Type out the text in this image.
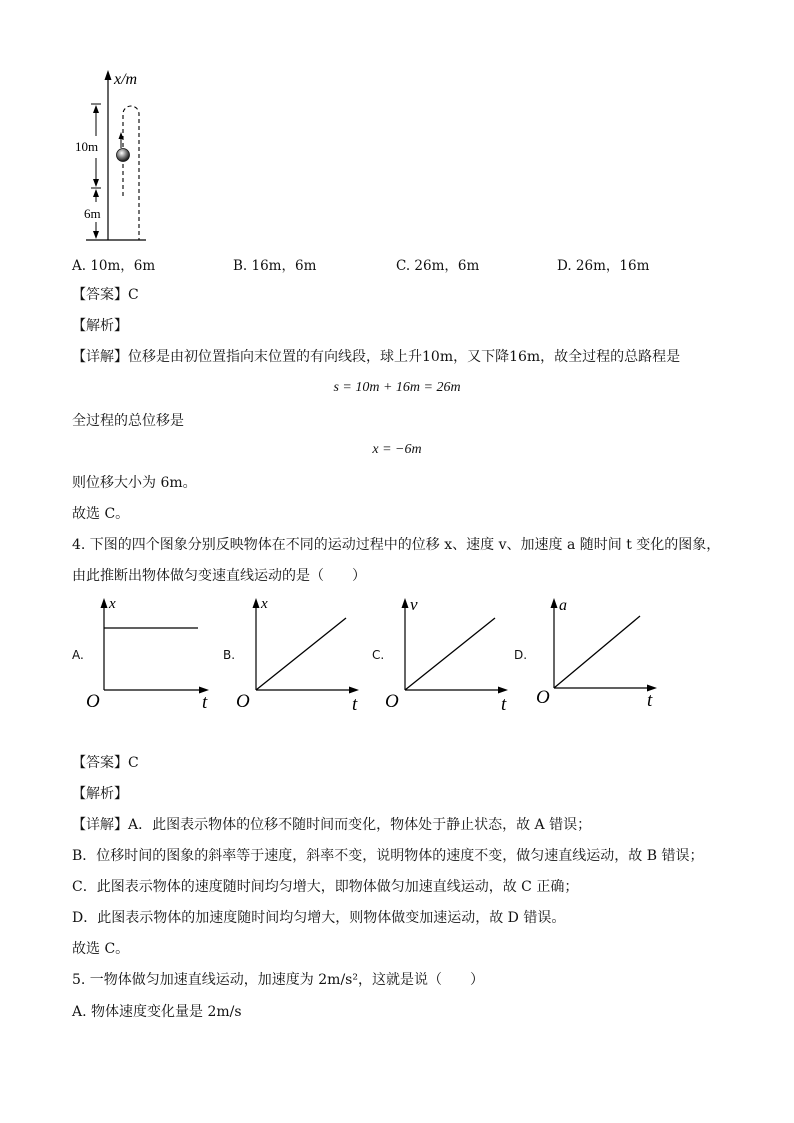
x/m
10m
6m
A. 10m，6m	B. 16m，6m	C. 26m，6m	D. 26m，16m
【答案】C
【解析】
【详解】位移是由初位置指向末位置的有向线段，球上升10m，又下降16m，故全过程的总路程是
s = 10m + 16m = 26m
全过程的总位移是
x = −6m
则位移大小为 6m。
故选 C。
4. 下图的四个图象分别反映物体在不同的运动过程中的位移 x、速度 v、加速度 a 随时间 t 变化的图象，
由此推断出物体做匀变速直线运动的是（　　）
A.
x
t
O
B.
x
t
O
C.
v
t
O
D.
a
t
O
【答案】C
【解析】
【详解】A．此图表示物体的位移不随时间而变化，物体处于静止状态，故 A 错误；
B．位移时间的图象的斜率等于速度，斜率不变，说明物体的速度不变，做匀速直线运动，故 B 错误；
C．此图表示物体的速度随时间均匀增大，即物体做匀加速直线运动，故 C 正确；
D．此图表示物体的加速度随时间均匀增大，则物体做变加速运动，故 D 错误。
故选 C。
5. 一物体做匀加速直线运动，加速度为 2m/s²，这就是说（　　）
A. 物体速度变化量是 2m/s
